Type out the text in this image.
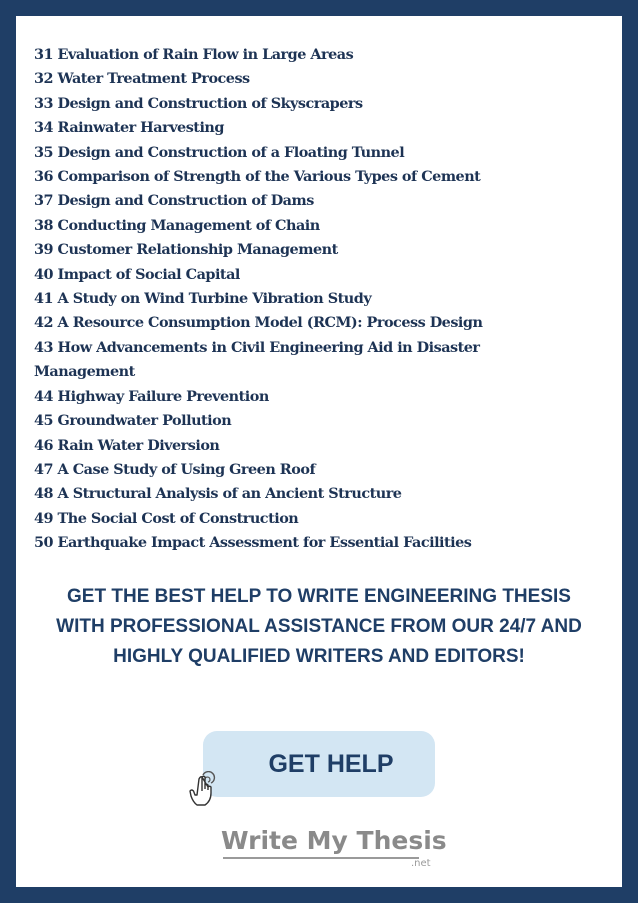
31 Evaluation of Rain Flow in Large Areas
32 Water Treatment Process
33 Design and Construction of Skyscrapers
34 Rainwater Harvesting
35 Design and Construction of a Floating Tunnel
36 Comparison of Strength of the Various Types of Cement
37 Design and Construction of Dams
38 Conducting Management of Chain
39 Customer Relationship Management
40 Impact of Social Capital
41 A Study on Wind Turbine Vibration Study
42 A Resource Consumption Model (RCM): Process Design
43 How Advancements in Civil Engineering Aid in Disaster Management
44 Highway Failure Prevention
45 Groundwater Pollution
46 Rain Water Diversion
47 A Case Study of Using Green Roof
48 A Structural Analysis of an Ancient Structure
49 The Social Cost of Construction
50 Earthquake Impact Assessment for Essential Facilities

GET THE BEST HELP TO WRITE ENGINEERING THESIS WITH PROFESSIONAL ASSISTANCE FROM OUR 24/7 AND HIGHLY QUALIFIED WRITERS AND EDITORS!

GET HELP
Write My Thesis
.net
